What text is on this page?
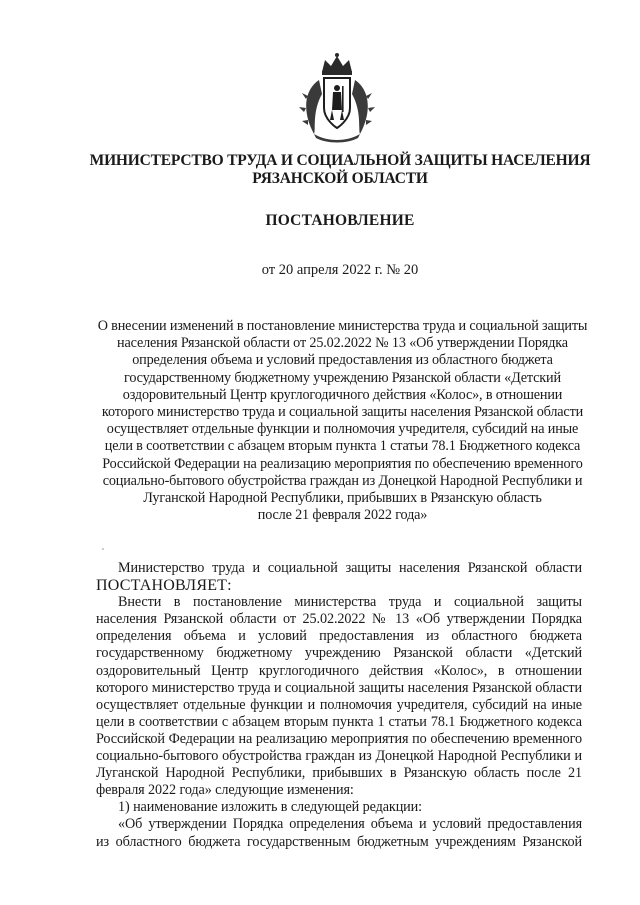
МИНИСТЕРСТВО ТРУДА И СОЦИАЛЬНОЙ ЗАЩИТЫ НАСЕЛЕНИЯ
РЯЗАНСКОЙ ОБЛАСТИ
ПОСТАНОВЛЕНИЕ
от 20 апреля 2022 г. № 20
О внесении изменений в постановление министерства труда и социальной защиты
населения Рязанской области от 25.02.2022 № 13 «Об утверждении Порядка
определения объема и условий предоставления из областного бюджета
государственному бюджетному учреждению Рязанской области «Детский
оздоровительный Центр круглогодичного действия «Колос», в отношении
которого министерство труда и социальной защиты населения Рязанской области
осуществляет отдельные функции и полномочия учредителя, субсидий на иные
цели в соответствии с абзацем вторым пункта 1 статьи 78.1 Бюджетного кодекса
Российской Федерации на реализацию мероприятия по обеспечению временного
социально-бытового обустройства граждан из Донецкой Народной Республики и
Луганской Народной Республики, прибывших в Рязанскую область
после 21 февраля 2022 года»
Министерство труда и социальной защиты населения Рязанской области
ПОСТАНОВЛЯЕТ:
Внести в постановление министерства труда и социальной защиты
населения Рязанской области от 25.02.2022 № 13 «Об утверждении Порядка
определения объема и условий предоставления из областного бюджета
государственному бюджетному учреждению Рязанской области «Детский
оздоровительный Центр круглогодичного действия «Колос», в отношении
которого министерство труда и социальной защиты населения Рязанской области
осуществляет отдельные функции и полномочия учредителя, субсидий на иные
цели в соответствии с абзацем вторым пункта 1 статьи 78.1 Бюджетного кодекса
Российской Федерации на реализацию мероприятия по обеспечению временного
социально-бытового обустройства граждан из Донецкой Народной Республики и
Луганской Народной Республики, прибывших в Рязанскую область после 21
февраля 2022 года» следующие изменения:
1) наименование изложить в следующей редакции:
«Об утверждении Порядка определения объема и условий предоставления
из областного бюджета государственным бюджетным учреждениям Рязанской
